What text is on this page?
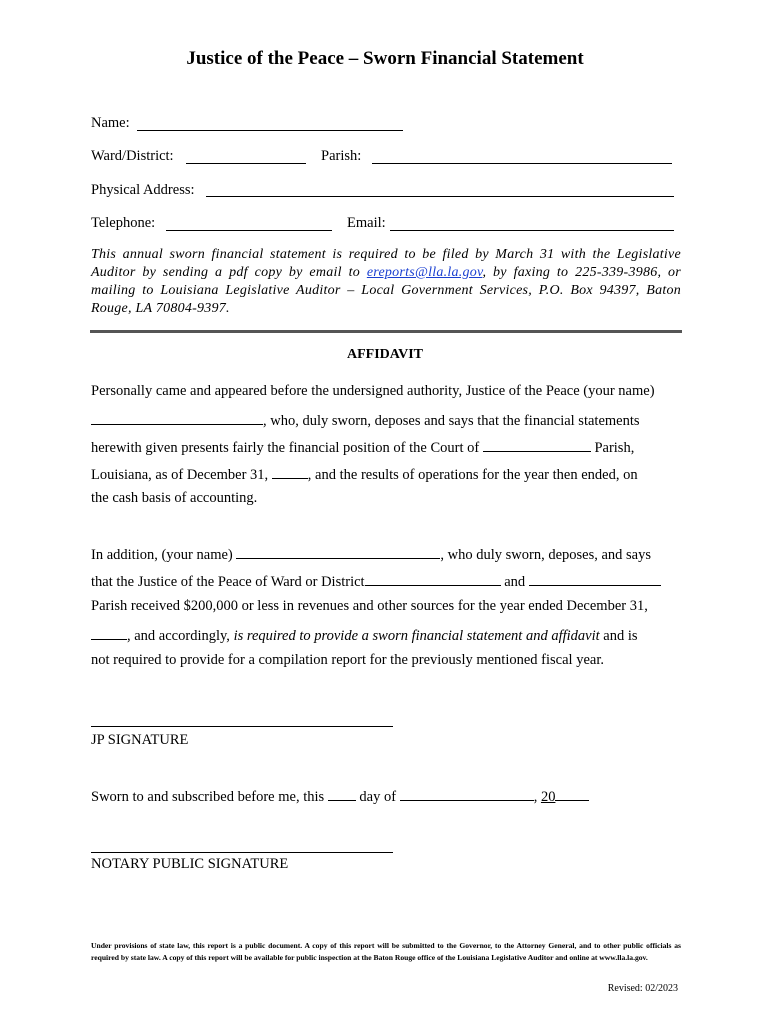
Justice of the Peace – Sworn Financial Statement
Name:
Ward/District:	Parish:
Physical Address:
Telephone:	Email:
This annual sworn financial statement is required to be filed by March 31 with the Legislative Auditor by sending a pdf copy by email to ereports@lla.la.gov, by faxing to 225-339-3986, or mailing to Louisiana Legislative Auditor – Local Government Services, P.O. Box 94397, Baton Rouge, LA 70804-9397.
AFFIDAVIT
Personally came and appeared before the undersigned authority, Justice of the Peace (your name)
, who, duly sworn, deposes and says that the financial statements
herewith given presents fairly the financial position of the Court of	Parish,
Louisiana, as of December 31,	, and the results of operations for the year then ended, on
the cash basis of accounting.
In addition, (your name)	, who duly sworn, deposes, and says
that the Justice of the Peace of Ward or District	and
Parish received $200,000 or less in revenues and other sources for the year ended December 31,
, and accordingly, is required to provide a sworn financial statement and affidavit and is
not required to provide for a compilation report for the previously mentioned fiscal year.
JP SIGNATURE
Sworn to and subscribed before me, this day of	, 20
NOTARY PUBLIC SIGNATURE
Under provisions of state law, this report is a public document. A copy of this report will be submitted to the Governor, to the Attorney General, and to other public officials as required by state law. A copy of this report will be available for public inspection at the Baton Rouge office of the Louisiana Legislative Auditor and online at www.lla.la.gov.
Revised: 02/2023
